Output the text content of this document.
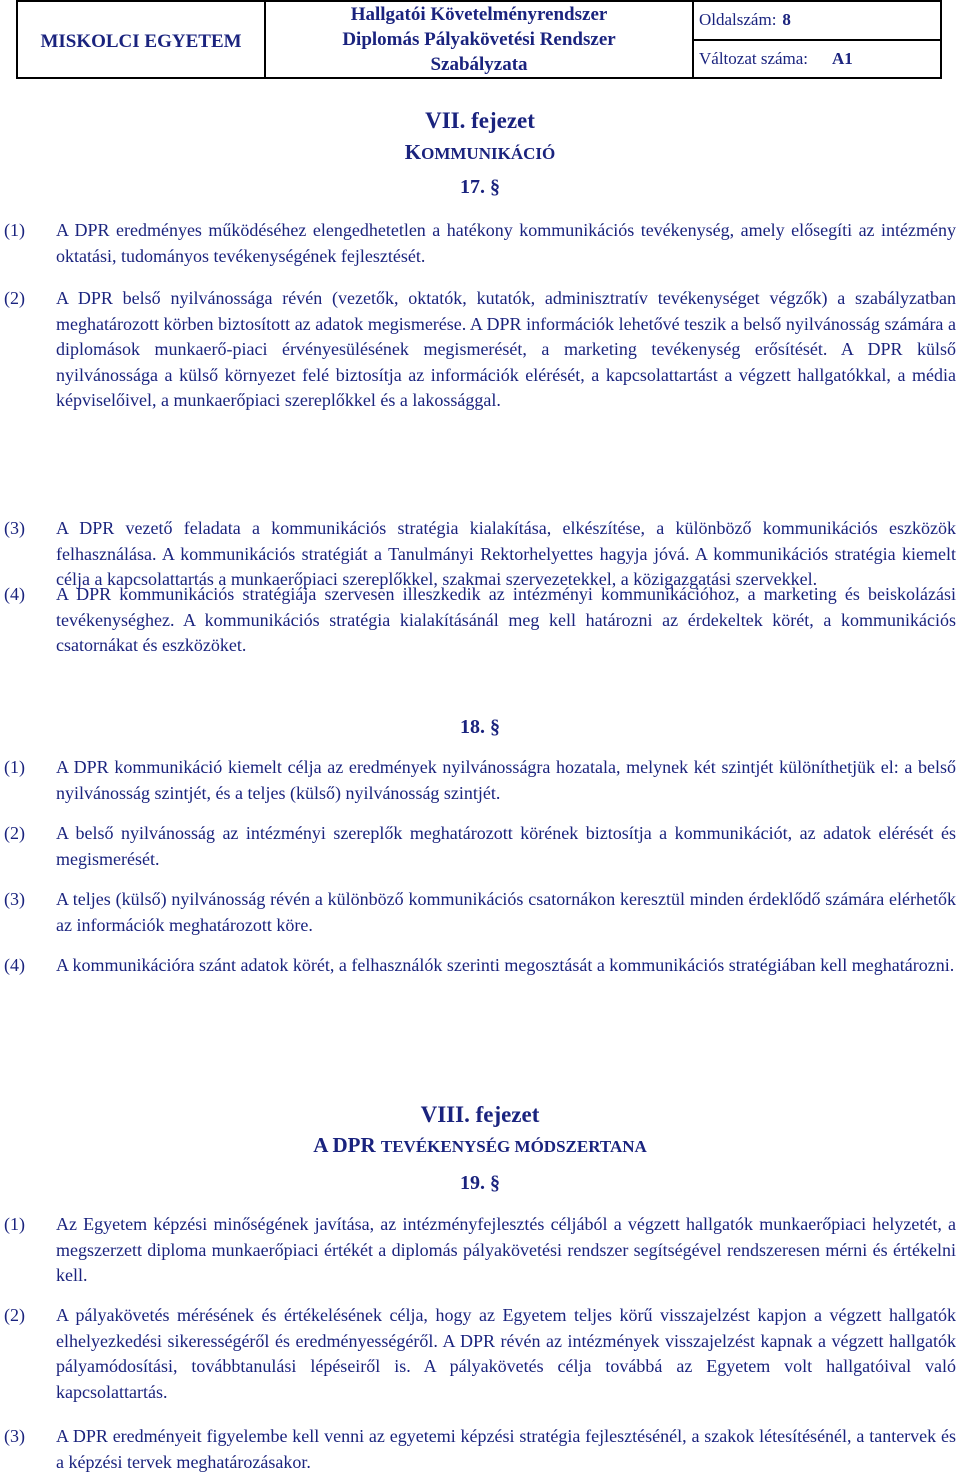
MISKOLCI EGYETEM
Hallgatói Követelményrendszer
Diplomás Pályakövetési Rendszer
Szabályzata
Oldalszám: 8
Változat száma: A1
VII. fejezet
KOMMUNIKÁCIÓ
17. §
(1) A DPR eredményes működéséhez elengedhetetlen a hatékony kommunikációs tevékenység, amely elősegíti az intézmény oktatási, tudományos tevékenységének fejlesztését.
(2) A DPR belső nyilvánossága révén (vezetők, oktatók, kutatók, adminisztratív tevékenységet végzők) a szabályzatban meghatározott körben biztosított az adatok megismerése. A DPR információk lehetővé teszik a belső nyilvánosság számára a diplomások munkaerő-piaci érvényesülésének megismerését, a marketing tevékenység erősítését. A DPR külső nyilvánossága a külső környezet felé biztosítja az információk elérését, a kapcsolattartást a végzett hallgatókkal, a média képviselőivel, a munkaerőpiaci szereplőkkel és a lakossággal.
(3) A DPR vezető feladata a kommunikációs stratégia kialakítása, elkészítése, a különböző kommunikációs eszközök felhasználása. A kommunikációs stratégiát a Tanulmányi Rektorhelyettes hagyja jóvá. A kommunikációs stratégia kiemelt célja a kapcsolattartás a munkaerőpiaci szereplőkkel, szakmai szervezetekkel, a közigazgatási szervekkel.
(4) A DPR kommunikációs stratégiája szervesen illeszkedik az intézményi kommunikációhoz, a marketing és beiskolázási tevékenységhez. A kommunikációs stratégia kialakításánál meg kell határozni az érdekeltek körét, a kommunikációs csatornákat és eszközöket.
18. §
(1) A DPR kommunikáció kiemelt célja az eredmények nyilvánosságra hozatala, melynek két szintjét különíthetjük el: a belső nyilvánosság szintjét, és a teljes (külső) nyilvánosság szintjét.
(2) A belső nyilvánosság az intézményi szereplők meghatározott körének biztosítja a kommunikációt, az adatok elérését és megismerését.
(3) A teljes (külső) nyilvánosság révén a különböző kommunikációs csatornákon keresztül minden érdeklődő számára elérhetők az információk meghatározott köre.
(4) A kommunikációra szánt adatok körét, a felhasználók szerinti megosztását a kommunikációs stratégiában kell meghatározni.
VIII. fejezet
A DPR TEVÉKENYSÉG MÓDSZERTANA
19. §
(1) Az Egyetem képzési minőségének javítása, az intézményfejlesztés céljából a végzett hallgatók munkaerőpiaci helyzetét, a megszerzett diploma munkaerőpiaci értékét a diplomás pályakövetési rendszer segítségével rendszeresen mérni és értékelni kell.
(2) A pályakövetés mérésének és értékelésének célja, hogy az Egyetem teljes körű visszajelzést kapjon a végzett hallgatók elhelyezkedési sikerességéről és eredményességéről. A DPR révén az intézmények visszajelzést kapnak a végzett hallgatók pályamódosítási, továbbtanulási lépéseiről is. A pályakövetés célja továbbá az Egyetem volt hallgatóival való kapcsolattartás.
(3) A DPR eredményeit figyelembe kell venni az egyetemi képzési stratégia fejlesztésénél, a szakok létesítésénél, a tantervek és a képzési tervek meghatározásakor.
